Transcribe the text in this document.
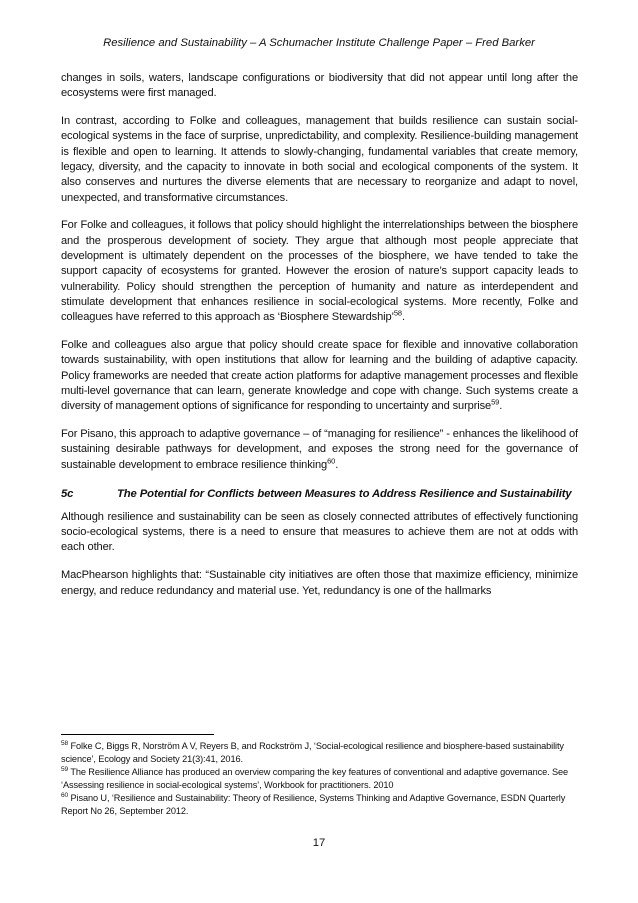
Resilience and Sustainability – A Schumacher Institute Challenge Paper – Fred Barker

changes in soils, waters, landscape configurations or biodiversity that did not appear until long after the ecosystems were first managed.

In contrast, according to Folke and colleagues, management that builds resilience can sustain social-ecological systems in the face of surprise, unpredictability, and complexity. Resilience-building management is flexible and open to learning. It attends to slowly-changing, fundamental variables that create memory, legacy, diversity, and the capacity to innovate in both social and ecological components of the system. It also conserves and nurtures the diverse elements that are necessary to reorganize and adapt to novel, unexpected, and transformative circumstances.

For Folke and colleagues, it follows that policy should highlight the interrelationships between the biosphere and the prosperous development of society. They argue that although most people appreciate that development is ultimately dependent on the processes of the biosphere, we have tended to take the support capacity of ecosystems for granted. However the erosion of nature’s support capacity leads to vulnerability. Policy should strengthen the perception of humanity and nature as interdependent and stimulate development that enhances resilience in social-ecological systems. More recently, Folke and colleagues have referred to this approach as ‘Biosphere Stewardship’$^{58}$.

Folke and colleagues also argue that policy should create space for flexible and innovative collaboration towards sustainability, with open institutions that allow for learning and the building of adaptive capacity. Policy frameworks are needed that create action platforms for adaptive management processes and flexible multi-level governance that can learn, generate knowledge and cope with change. Such systems create a diversity of management options of significance for responding to uncertainty and surprise$^{59}$.

For Pisano, this approach to adaptive governance – of “managing for resilience” - enhances the likelihood of sustaining desirable pathways for development, and exposes the strong need for the governance of sustainable development to embrace resilience thinking$^{60}$.

5c	The Potential for Conflicts between Measures to Address Resilience and Sustainability

Although resilience and sustainability can be seen as closely connected attributes of effectively functioning socio-ecological systems, there is a need to ensure that measures to achieve them are not at odds with each other.

MacPhearson highlights that: “Sustainable city initiatives are often those that maximize efficiency, minimize energy, and reduce redundancy and material use. Yet, redundancy is one of the hallmarks

$^{58}$ Folke C, Biggs R, Norström A V, Reyers B, and Rockström J, ‘Social-ecological resilience and biosphere-based sustainability science’, Ecology and Society 21(3):41, 2016.

$^{59}$ The Resilience Alliance has produced an overview comparing the key features of conventional and adaptive governance. See ‘Assessing resilience in social-ecological systems’, Workbook for practitioners. 2010

$^{60}$ Pisano U, ‘Resilience and Sustainability: Theory of Resilience, Systems Thinking and Adaptive Governance, ESDN Quarterly Report No 26, September 2012.

17
